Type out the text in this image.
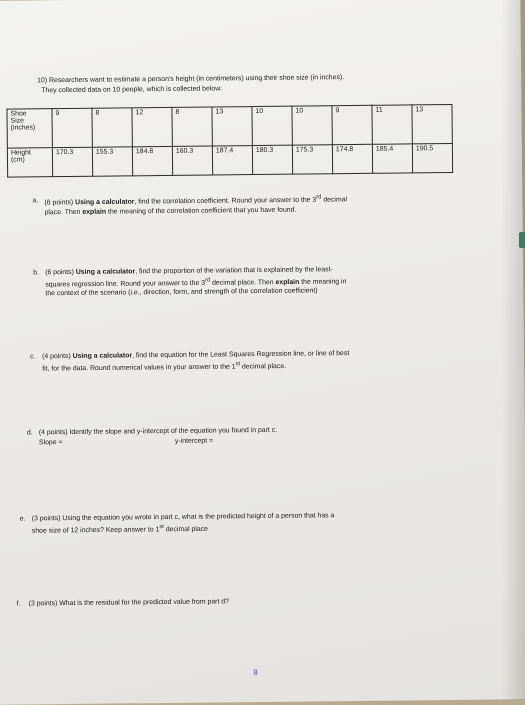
10) Researchers want to estimate a person's height (in centimeters) using their shoe size (in inches).
They collected data on 10 people, which is collected below:
Shoe
Size
(inches)	9	8	12	8	13	10	10	9	11	13

Height
(cm)	170.3	155.3	184.8	160.3	187.4	180.3	175.3	174.8	185.4	190.5
a. (6 points) Using a calculator, find the correlation coefficient. Round your answer to the 3rd decimal
place. Then explain the meaning of the correlation coefficient that you have found.
b. (6 points) Using a calculator, find the proportion of the variation that is explained by the least-
squares regression line. Round your answer to the 3rd decimal place. Then explain the meaning in
the context of the scenario (i.e., direction, form, and strength of the correlation coefficient)
c. (4 points) Using a calculator, find the equation for the Least Squares Regression line, or line of best
fit, for the data. Round numerical values in your answer to the 1st decimal place.
d. (4 points) Identify the slope and y-intercept of the equation you found in part c.
Slope =	y-intercept =
e. (3 points) Using the equation you wrote in part c, what is the predicted height of a person that has a
shoe size of 12 inches? Keep answer to 1st decimal place
f. (3 points) What is the residual for the predicted value from part d?
8
